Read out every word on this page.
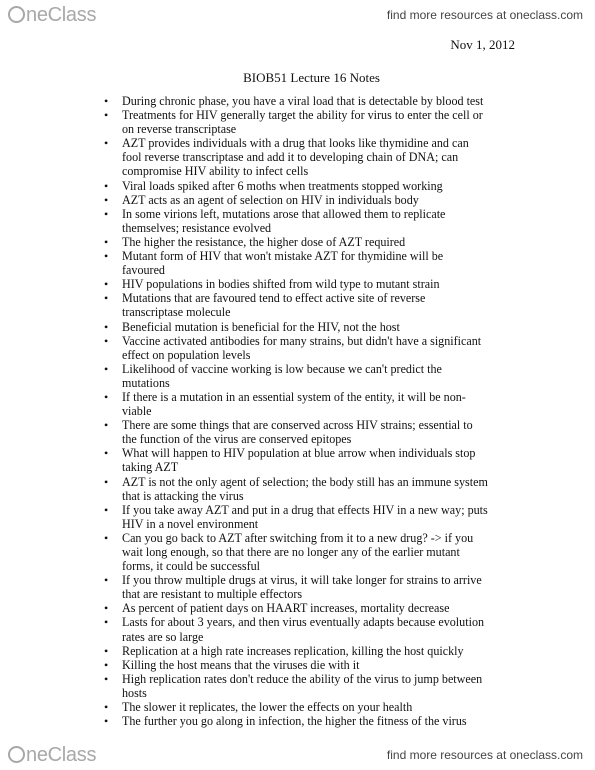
neClass	find more resources at oneclass.com
Nov 1, 2012
BIOB51 Lecture 16 Notes
• During chronic phase, you have a viral load that is detectable by blood test
• Treatments for HIV generally target the ability for virus to enter the cell or on reverse transcriptase
• AZT provides individuals with a drug that looks like thymidine and can fool reverse transcriptase and add it to developing chain of DNA; can compromise HIV ability to infect cells
• Viral loads spiked after 6 moths when treatments stopped working
• AZT acts as an agent of selection on HIV in individuals body
• In some virions left, mutations arose that allowed them to replicate themselves; resistance evolved
• The higher the resistance, the higher dose of AZT required
• Mutant form of HIV that won't mistake AZT for thymidine will be favoured
• HIV populations in bodies shifted from wild type to mutant strain
• Mutations that are favoured tend to effect active site of reverse transcriptase molecule
• Beneficial mutation is beneficial for the HIV, not the host
• Vaccine activated antibodies for many strains, but didn't have a significant effect on population levels
• Likelihood of vaccine working is low because we can't predict the mutations
• If there is a mutation in an essential system of the entity, it will be non-viable
• There are some things that are conserved across HIV strains; essential to the function of the virus are conserved epitopes
• What will happen to HIV population at blue arrow when individuals stop taking AZT
• AZT is not the only agent of selection; the body still has an immune system that is attacking the virus
• If you take away AZT and put in a drug that effects HIV in a new way; puts HIV in a novel environment
• Can you go back to AZT after switching from it to a new drug? -> if you wait long enough, so that there are no longer any of the earlier mutant forms, it could be successful
• If you throw multiple drugs at virus, it will take longer for strains to arrive that are resistant to multiple effectors
• As percent of patient days on HAART increases, mortality decrease
• Lasts for about 3 years, and then virus eventually adapts because evolution rates are so large
• Replication at a high rate increases replication, killing the host quickly
• Killing the host means that the viruses die with it
• High replication rates don't reduce the ability of the virus to jump between hosts
• The slower it replicates, the lower the effects on your health
• The further you go along in infection, the higher the fitness of the virus
neClass	find more resources at oneclass.com
